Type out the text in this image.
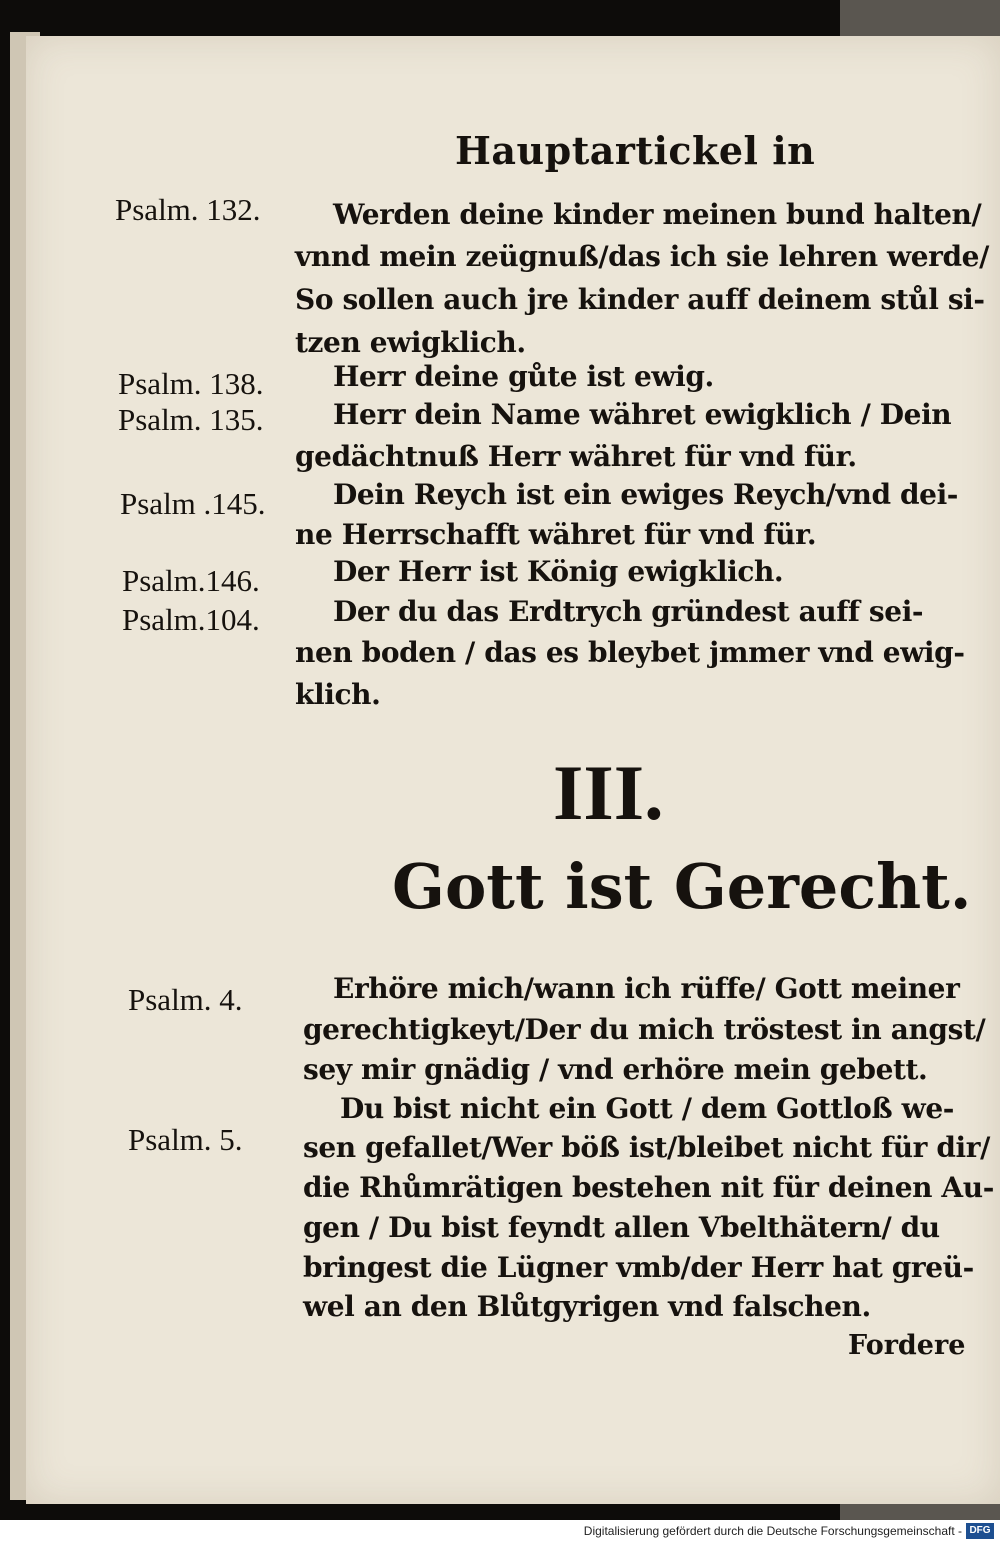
Hauptartickel in
Psalm. 132.	Werden deine kinder meinen bund halten/
vnnd mein zeügnuß/das ich sie lehren werde/
So sollen auch jre kinder auff deinem stůl si-
tzen ewigklich.
Psalm. 138. Herr deine gůte ist ewig.
Psalm. 135. Herr dein Name währet ewigklich / Dein
gedächtnuß Herr währet für vnd für.
Psalm .145. Dein Reych ist ein ewiges Reych/vnd dei-
ne Herrschafft währet für vnd für.
Psalm.146.	Der Herr ist König ewigklich.
Psalm.104.	Der du das Erdtrych gründest auff sei-
nen boden / das es bleybet jmmer vnd ewig-
klich.
III.
Gott ist Gerecht.
Psalm. 4.	Erhöre mich/wann ich rüffe/ Gott meiner
gerechtigkeyt/Der du mich tröstest in angst/
sey mir gnädig / vnd erhöre mein gebett.
Psalm. 5.
Du bist nicht ein Gott / dem Gottloß we-
sen gefallet/Wer böß ist/bleibet nicht für dir/
die Rhůmrätigen bestehen nit für deinen Au-
gen / Du bist feyndt allen Vbelthätern/ du
bringest die Lügner vmb/der Herr hat greü-
wel an den Blůtgyrigen vnd falschen.
Fordere
Digitalisierung gefördert durch die Deutsche Forschungsgemeinschaft - DFG
